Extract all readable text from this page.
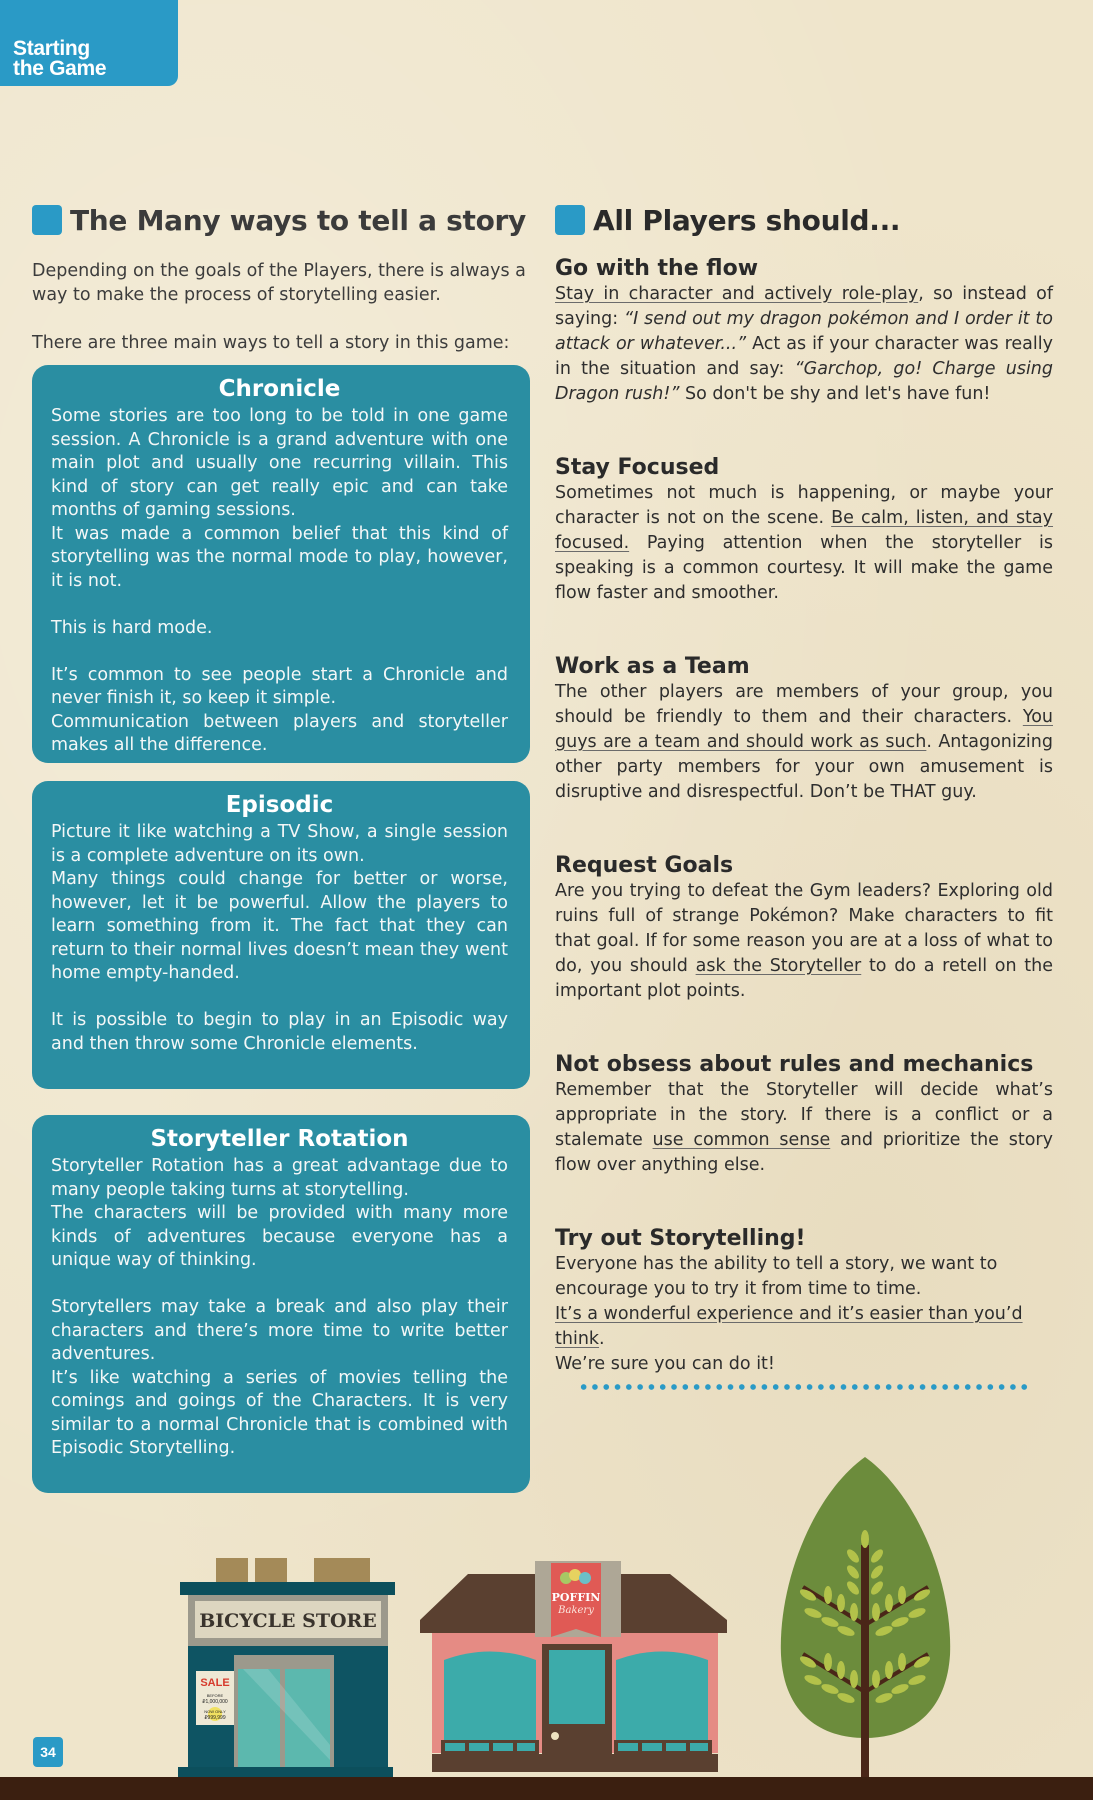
Starting
the Game
The Many ways to tell a story

Depending on the goals of the Players, there is always a way to make the process of storytelling easier.

There are three main ways to tell a story in this game:

Chronicle

Some stories are too long to be told in one game session. A Chronicle is a grand adventure with one main plot and usually one recurring villain. This kind of story can get really epic and can take months of gaming sessions.

It was made a common belief that this kind of storytelling was the normal mode to play, however, it is not.

This is hard mode.

It’s common to see people start a Chronicle and never finish it, so keep it simple.

Communication between players and storyteller makes all the difference.

Episodic

Picture it like watching a TV Show, a single session is a complete adventure on its own.

Many things could change for better or worse, however, let it be powerful. Allow the players to learn something from it. The fact that they can return to their normal lives doesn’t mean they went home empty-handed.

It is possible to begin to play in an Episodic way and then throw some Chronicle elements.

Storyteller Rotation

Storyteller Rotation has a great advantage due to many people taking turns at storytelling.

The characters will be provided with many more kinds of adventures because everyone has a unique way of thinking.

Storytellers may take a break and also play their characters and there’s more time to write better adventures.

It’s like watching a series of movies telling the comings and goings of the Characters. It is very similar to a normal Chronicle that is combined with Episodic Storytelling.

All Players should...
Go with the flow

Stay in character and actively role-play, so instead of saying: “I send out my dragon pokémon and I order it to attack or whatever...” Act as if your character was really in the situation and say: “Garchop, go! Charge using Dragon rush!” So don't be shy and let's have fun!

Stay Focused

Sometimes not much is happening, or maybe your character is not on the scene. Be calm, listen, and stay focused. Paying attention when the storyteller is speaking is a common courtesy. It will make the game flow faster and smoother.

Work as a Team

The other players are members of your group, you should be friendly to them and their characters. You guys are a team and should work as such. Antagonizing other party members for your own amusement is disruptive and disrespectful. Don’t be THAT guy.

Request Goals

Are you trying to defeat the Gym leaders? Exploring old ruins full of strange Pokémon? Make characters to fit that goal. If for some reason you are at a loss of what to do, you should ask the Storyteller to do a retell on the important plot points.

Not obsess about rules and mechanics

Remember that the Storyteller will decide what’s appropriate in the story. If there is a conflict or a stalemate use common sense and prioritize the story flow over anything else.

Try out Storytelling!

Everyone has the ability to tell a story, we want to encourage you to try it from time to time.
It’s a wonderful experience and it’s easier than you’d think.
We’re sure you can do it!

BICYCLE STORE
SALE
BEFORE
₽1,000,000
NOW ONLY
₽999,999
POFFIN
Bakery
34
